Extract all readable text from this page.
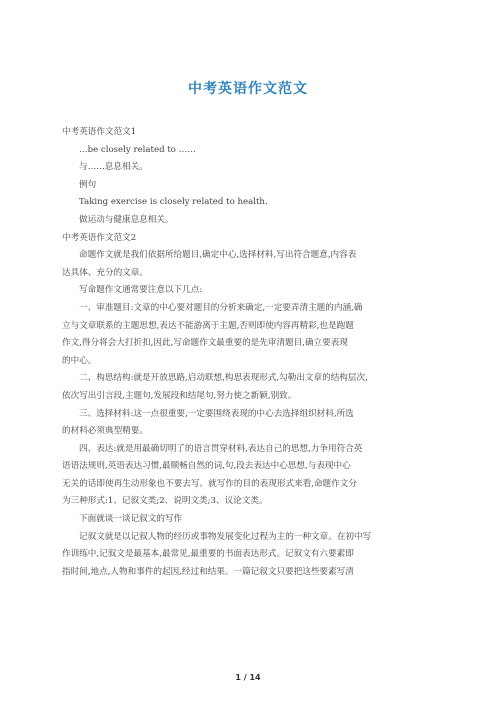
中考英语作文范文
中考英语作文范文1
…be closely related to ……
与……息息相关。
例句
Taking exercise is closely related to health.
做运动与健康息息相关。
中考英语作文范文2
命题作文就是我们依据所给题目,确定中心,选择材料,写出符合题意,内容表
达具体、充分的文章。
写命题作文通常要注意以下几点:
一、审准题目:文章的中心要对题目的分析来确定,一定要弄清主题的内涵,确
立与文章联系的主题思想,表达不能游离于主题,否则即使内容再精彩,也是跑题
作文,得分将会大打折扣,因此,写命题作文最重要的是先审清题目,确立要表现
的中心。
二、构思结构:就是开放思路,启动联想,构思表现形式,勾勒出文章的结构层次,
依次写出引言段,主题句,发展段和结尾句,努力使之新颖,别致。
三、选择材料:这一点很重要,一定要围绕表现的中心去选择组织材料,所选
的材料必须典型精要。
四、表达:就是用最确切明了的语言贯穿材料,表达自己的思想,力争用符合英
语语法规则,英语表达习惯,最顺畅自然的词,句,段去表达中心思想,与表现中心
无关的话即使再生动形象也不要去写。就写作的目的表现形式来看,命题作文分
为三种形式:1、记叙文类;2、说明文类;3、议论文类。
下面就谈一谈记叙文的写作
记叙文就是以记叙人物的经历或事物发展变化过程为主的一种文章。在初中写
作训练中,记叙文是最基本,最常见,最重要的书面表达形式。记叙文有六要素即
指时间,地点,人物和事件的起因,经过和结果。一篇记叙文只要把这些要素写清
1 / 14
